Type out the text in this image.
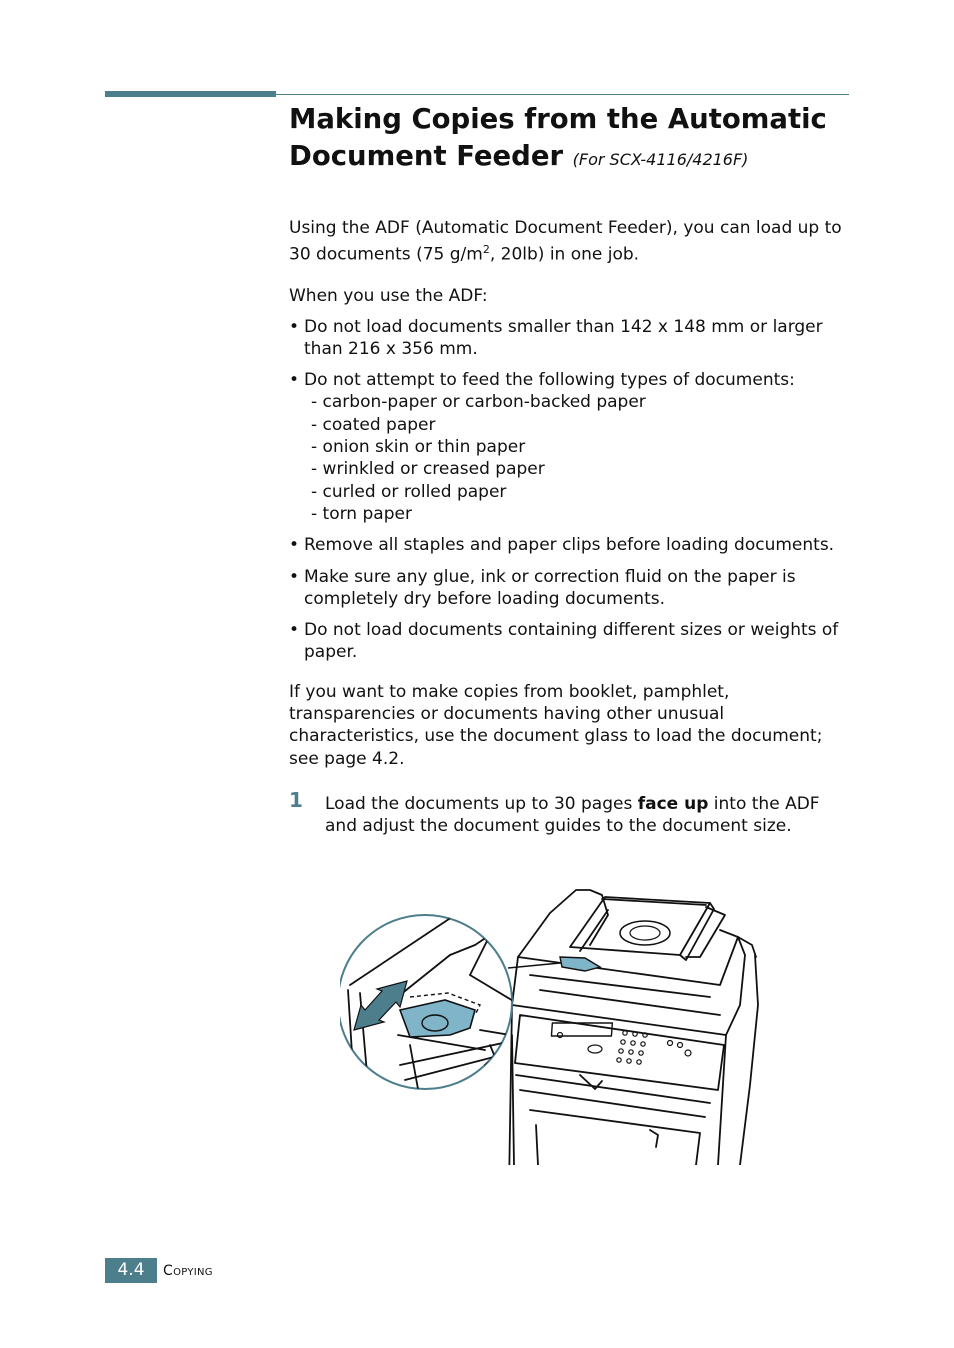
Making Copies from the Automatic Document Feeder (For SCX-4116/4216F)

Using the ADF (Automatic Document Feeder), you can load up to 30 documents (75 $g/m^2$, 20lb) in one job.

When you use the ADF:

• Do not load documents smaller than 142 x 148 mm or larger than 216 x 356 mm.
• Do not attempt to feed the following types of documents:
- carbon-paper or carbon-backed paper
- coated paper
- onion skin or thin paper
- wrinkled or creased paper
- curled or rolled paper
- torn paper
• Remove all staples and paper clips before loading documents.
• Make sure any glue, ink or correction fluid on the paper is completely dry before loading documents.
• Do not load documents containing different sizes or weights of paper.

If you want to make copies from booklet, pamphlet, transparencies or documents having other unusual characteristics, use the document glass to load the document; see page 4.2.

1 Load the documents up to 30 pages face up into the ADF and adjust the document guides to the document size.
4.4	Copying
